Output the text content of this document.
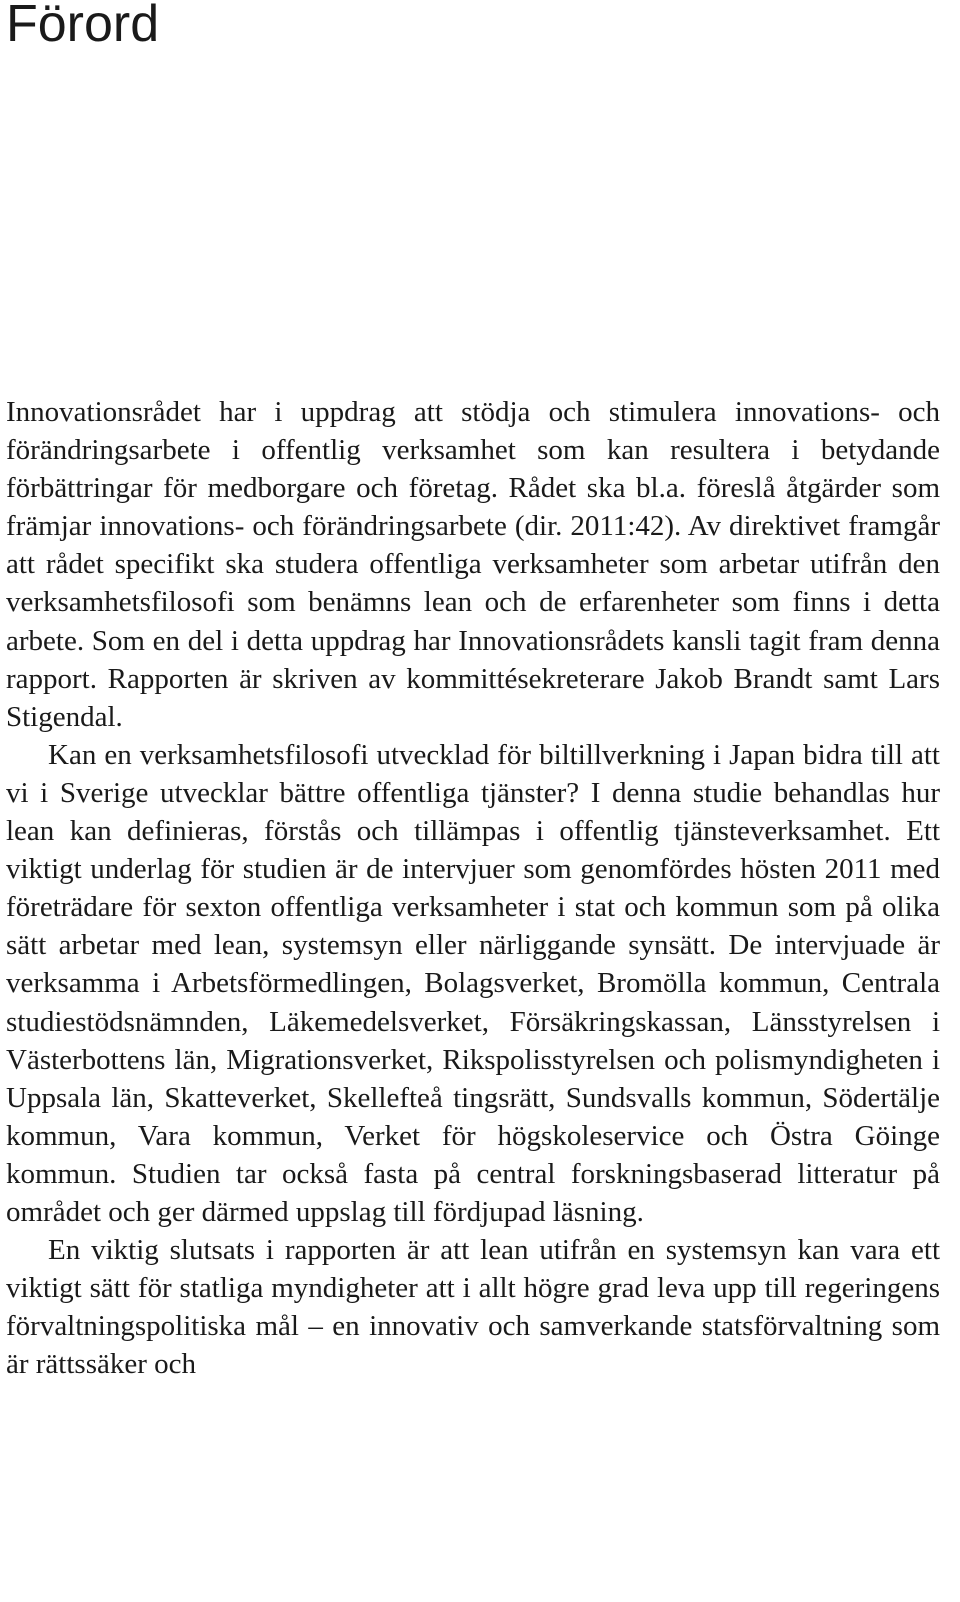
Förord

Innovationsrådet har i uppdrag att stödja och stimulera innovations- och förändringsarbete i offentlig verksamhet som kan resultera i betydande förbättringar för medborgare och företag. Rådet ska bl.a. föreslå åtgärder som främjar innovations- och förändringsarbete (dir. 2011:42). Av direktivet framgår att rådet specifikt ska studera offentliga verksamheter som arbetar utifrån den verksamhetsfilosofi som benämns lean och de erfarenheter som finns i detta arbete. Som en del i detta uppdrag har Innovationsrådets kansli tagit fram denna rapport. Rapporten är skriven av kommittésekreterare Jakob Brandt samt Lars Stigendal.

Kan en verksamhetsfilosofi utvecklad för biltillverkning i Japan bidra till att vi i Sverige utvecklar bättre offentliga tjänster? I denna studie behandlas hur lean kan definieras, förstås och tillämpas i offentlig tjänsteverksamhet. Ett viktigt underlag för studien är de intervjuer som genomfördes hösten 2011 med företrädare för sexton offentliga verksamheter i stat och kommun som på olika sätt arbetar med lean, systemsyn eller närliggande synsätt. De intervjuade är verksamma i Arbetsförmedlingen, Bolagsverket, Bromölla kommun, Centrala studiestödsnämnden, Läkemedelsverket, Försäkringskassan, Länsstyrelsen i Västerbottens län, Migrationsverket, Rikspolisstyrelsen och polismyndigheten i Uppsala län, Skatteverket, Skellefteå tingsrätt, Sundsvalls kommun, Södertälje kommun, Vara kommun, Verket för högskoleservice och Östra Göinge kommun. Studien tar också fasta på central forskningsbaserad litteratur på området och ger därmed uppslag till fördjupad läsning.

En viktig slutsats i rapporten är att lean utifrån en systemsyn kan vara ett viktigt sätt för statliga myndigheter att i allt högre grad leva upp till regeringens förvaltningspolitiska mål – en innovativ och samverkande statsförvaltning som är rättssäker och
